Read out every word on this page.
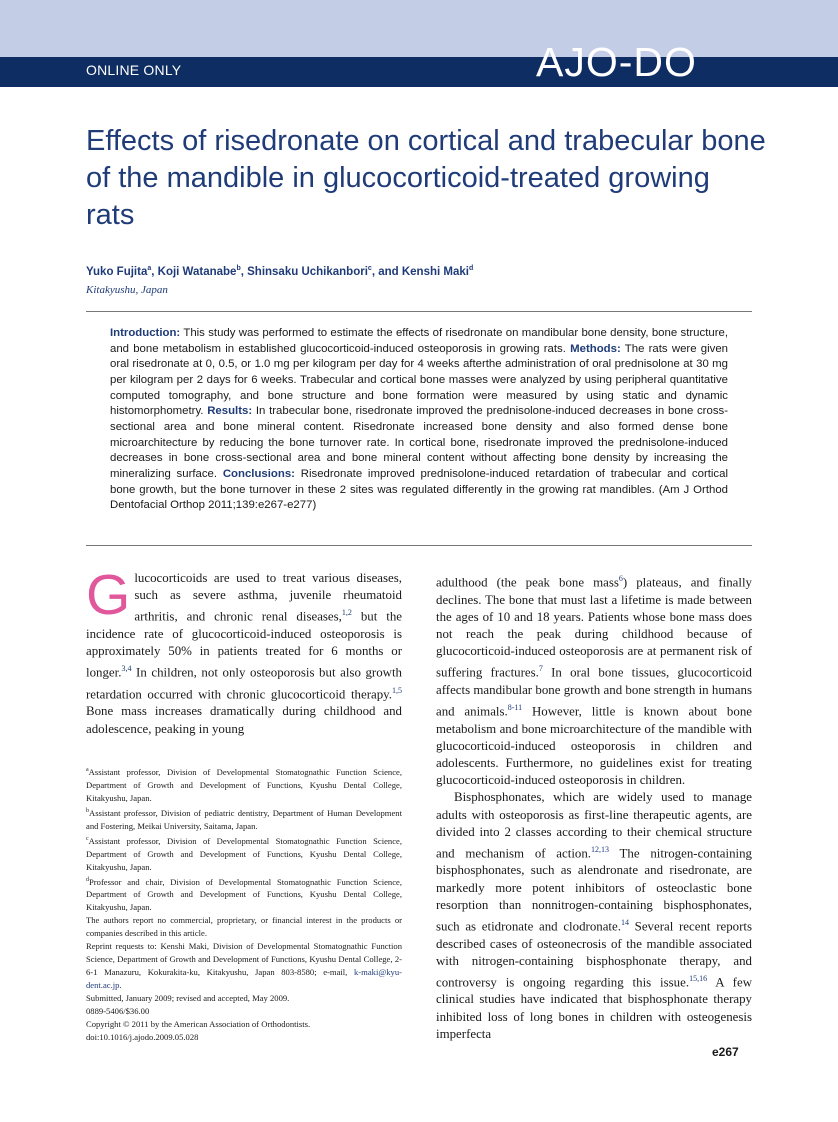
ONLINE ONLY	AJO-DO
Effects of risedronate on cortical and trabecular bone of the mandible in glucocorticoid-treated growing rats
Yuko Fujita$^a$, Koji Watanabe$^b$, Shinsaku Uchikanbori$^c$, and Kenshi Maki$^d$
Kitakyushu, Japan

Introduction: This study was performed to estimate the effects of risedronate on mandibular bone density, bone structure, and bone metabolism in established glucocorticoid-induced osteoporosis in growing rats. Methods: The rats were given oral risedronate at 0, 0.5, or 1.0 mg per kilogram per day for 4 weeks afterthe administration of oral prednisolone at 30 mg per kilogram per 2 days for 6 weeks. Trabecular and cortical bone masses were analyzed by using peripheral quantitative computed tomography, and bone structure and bone formation were measured by using static and dynamic histomorphometry. Results: In trabecular bone, risedronate improved the prednisolone-induced decreases in bone cross-sectional area and bone mineral content. Risedronate increased bone density and also formed dense bone microarchitecture by reducing the bone turnover rate. In cortical bone, risedronate improved the prednisolone-induced decreases in bone cross-sectional area and bone mineral content without affecting bone density by increasing the mineralizing surface. Conclusions: Risedronate improved prednisolone-induced retardation of trabecular and cortical bone growth, but the bone turnover in these 2 sites was regulated differently in the growing rat mandibles. (Am J Orthod Dentofacial Orthop 2011;139:e267-e277)

G lucocorticoids are used to treat various diseases, such as severe asthma, juvenile rheumatoid arthritis, and chronic renal diseases,$^{1,2}$ but the incidence rate of glucocorticoid-induced osteoporosis is approximately 50% in patients treated for 6 months or longer.$^{3,4}$ In children, not only osteoporosis but also growth retardation occurred with chronic glucocorticoid therapy.$^{1,5}$ Bone mass increases dramatically during childhood and adolescence, peaking in young

adulthood (the peak bone mass$^6$) plateaus, and finally declines. The bone that must last a lifetime is made between the ages of 10 and 18 years. Patients whose bone mass does not reach the peak during childhood because of glucocorticoid-induced osteoporosis are at permanent risk of suffering fractures.$^7$ In oral bone tissues, glucocorticoid affects mandibular bone growth and bone strength in humans and animals.$^{8-11}$ However, little is known about bone metabolism and bone microarchitecture of the mandible with glucocorticoid-induced osteoporosis in children and adolescents. Furthermore, no guidelines exist for treating glucocorticoid-induced osteoporosis in children.

Bisphosphonates, which are widely used to manage adults with osteoporosis as first-line therapeutic agents, are divided into 2 classes according to their chemical structure and mechanism of action.$^{12,13}$ The nitrogen-containing bisphosphonates, such as alendronate and risedronate, are markedly more potent inhibitors of osteoclastic bone resorption than nonnitrogen-containing bisphosphonates, such as etidronate and clodronate.$^{14}$ Several recent reports described cases of osteonecrosis of the mandible associated with nitrogen-containing bisphosphonate therapy, and controversy is ongoing regarding this issue.$^{15,16}$ A few clinical studies have indicated that bisphosphonate therapy inhibited loss of long bones in children with osteogenesis imperfecta

$^a$Assistant professor, Division of Developmental Stomatognathic Function Science, Department of Growth and Development of Functions, Kyushu Dental College, Kitakyushu, Japan.

$^b$Assistant professor, Division of pediatric dentistry, Department of Human Development and Fostering, Meikai University, Saitama, Japan.

$^c$Assistant professor, Division of Developmental Stomatognathic Function Science, Department of Growth and Development of Functions, Kyushu Dental College, Kitakyushu, Japan.

$^d$Professor and chair, Division of Developmental Stomatognathic Function Science, Department of Growth and Development of Functions, Kyushu Dental College, Kitakyushu, Japan.

The authors report no commercial, proprietary, or financial interest in the products or companies described in this article.

Reprint requests to: Kenshi Maki, Division of Developmental Stomatognathic Function Science, Department of Growth and Development of Functions, Kyushu Dental College, 2-6-1 Manazuru, Kokurakita-ku, Kitakyushu, Japan 803-8580; e-mail, k-maki@kyu-dent.ac.jp.

Submitted, January 2009; revised and accepted, May 2009.

0889-5406/$36.00

Copyright © 2011 by the American Association of Orthodontists.

doi:10.1016/j.ajodo.2009.05.028

e267
